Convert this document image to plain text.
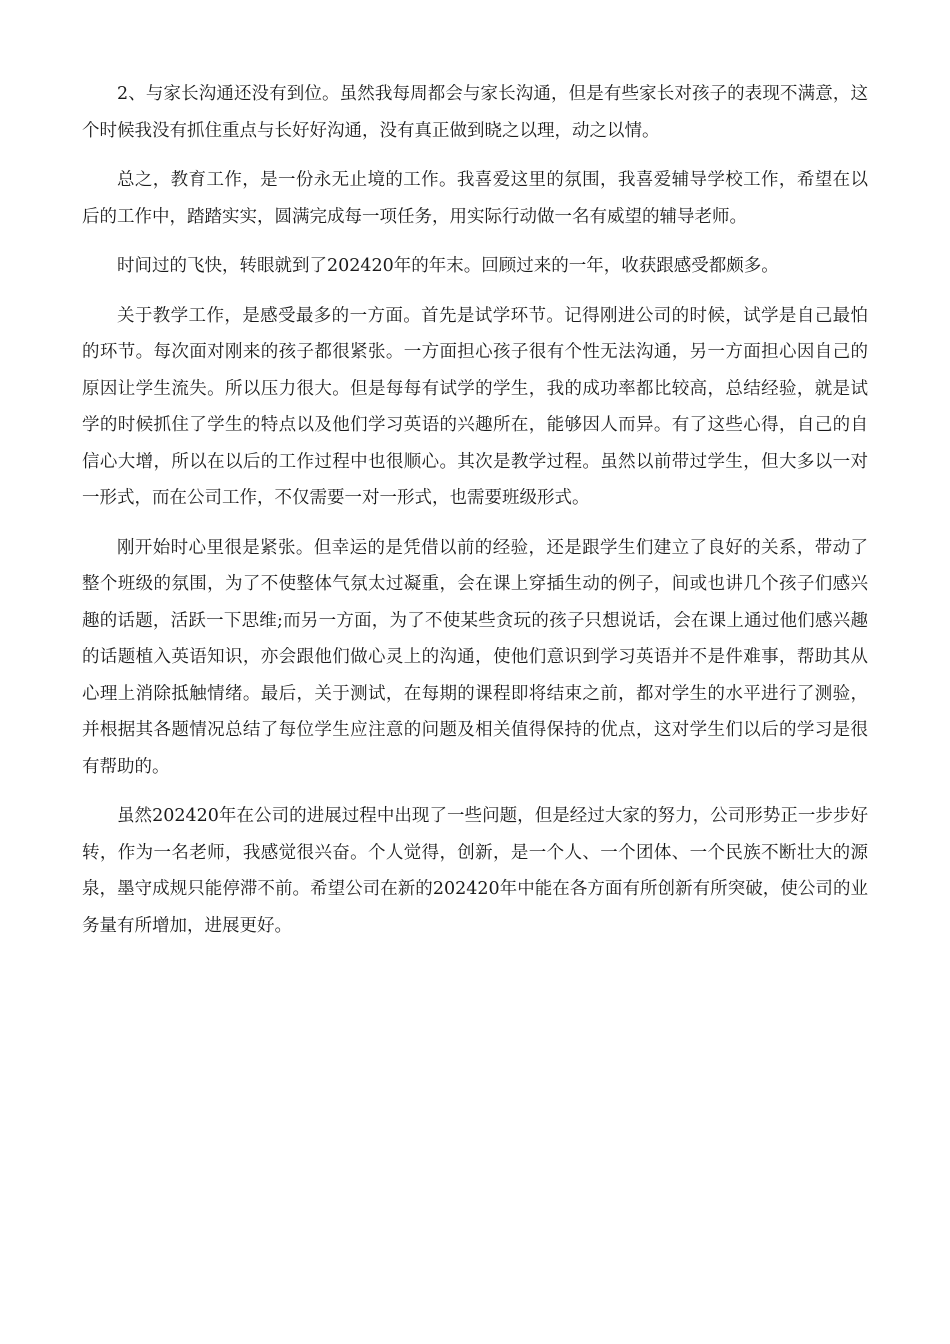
2、与家长沟通还没有到位。虽然我每周都会与家长沟通，但是有些家长对孩子的表现不满意，这个时候我没有抓住重点与长好好沟通，没有真正做到晓之以理，动之以情。

总之，教育工作，是一份永无止境的工作。我喜爱这里的氛围，我喜爱辅导学校工作，希望在以后的工作中，踏踏实实，圆满完成每一项任务，用实际行动做一名有威望的辅导老师。

时间过的飞快，转眼就到了202420年的年末。回顾过来的一年，收获跟感受都颇多。

关于教学工作，是感受最多的一方面。首先是试学环节。记得刚进公司的时候，试学是自己最怕的环节。每次面对刚来的孩子都很紧张。一方面担心孩子很有个性无法沟通，另一方面担心因自己的原因让学生流失。所以压力很大。但是每每有试学的学生，我的成功率都比较高，总结经验，就是试学的时候抓住了学生的特点以及他们学习英语的兴趣所在，能够因人而异。有了这些心得，自己的自信心大增，所以在以后的工作过程中也很顺心。其次是教学过程。虽然以前带过学生，但大多以一对一形式，而在公司工作，不仅需要一对一形式，也需要班级形式。

刚开始时心里很是紧张。但幸运的是凭借以前的经验，还是跟学生们建立了良好的关系，带动了整个班级的氛围，为了不使整体气氛太过凝重，会在课上穿插生动的例子，间或也讲几个孩子们感兴趣的话题，活跃一下思维;而另一方面，为了不使某些贪玩的孩子只想说话，会在课上通过他们感兴趣的话题植入英语知识，亦会跟他们做心灵上的沟通，使他们意识到学习英语并不是件难事，帮助其从心理上消除抵触情绪。最后，关于测试，在每期的课程即将结束之前，都对学生的水平进行了测验，并根据其各题情况总结了每位学生应注意的问题及相关值得保持的优点，这对学生们以后的学习是很有帮助的。

虽然202420年在公司的进展过程中出现了一些问题，但是经过大家的努力，公司形势正一步步好转，作为一名老师，我感觉很兴奋。个人觉得，创新，是一个人、一个团体、一个民族不断壮大的源泉，墨守成规只能停滞不前。希望公司在新的202420年中能在各方面有所创新有所突破，使公司的业务量有所增加，进展更好。
